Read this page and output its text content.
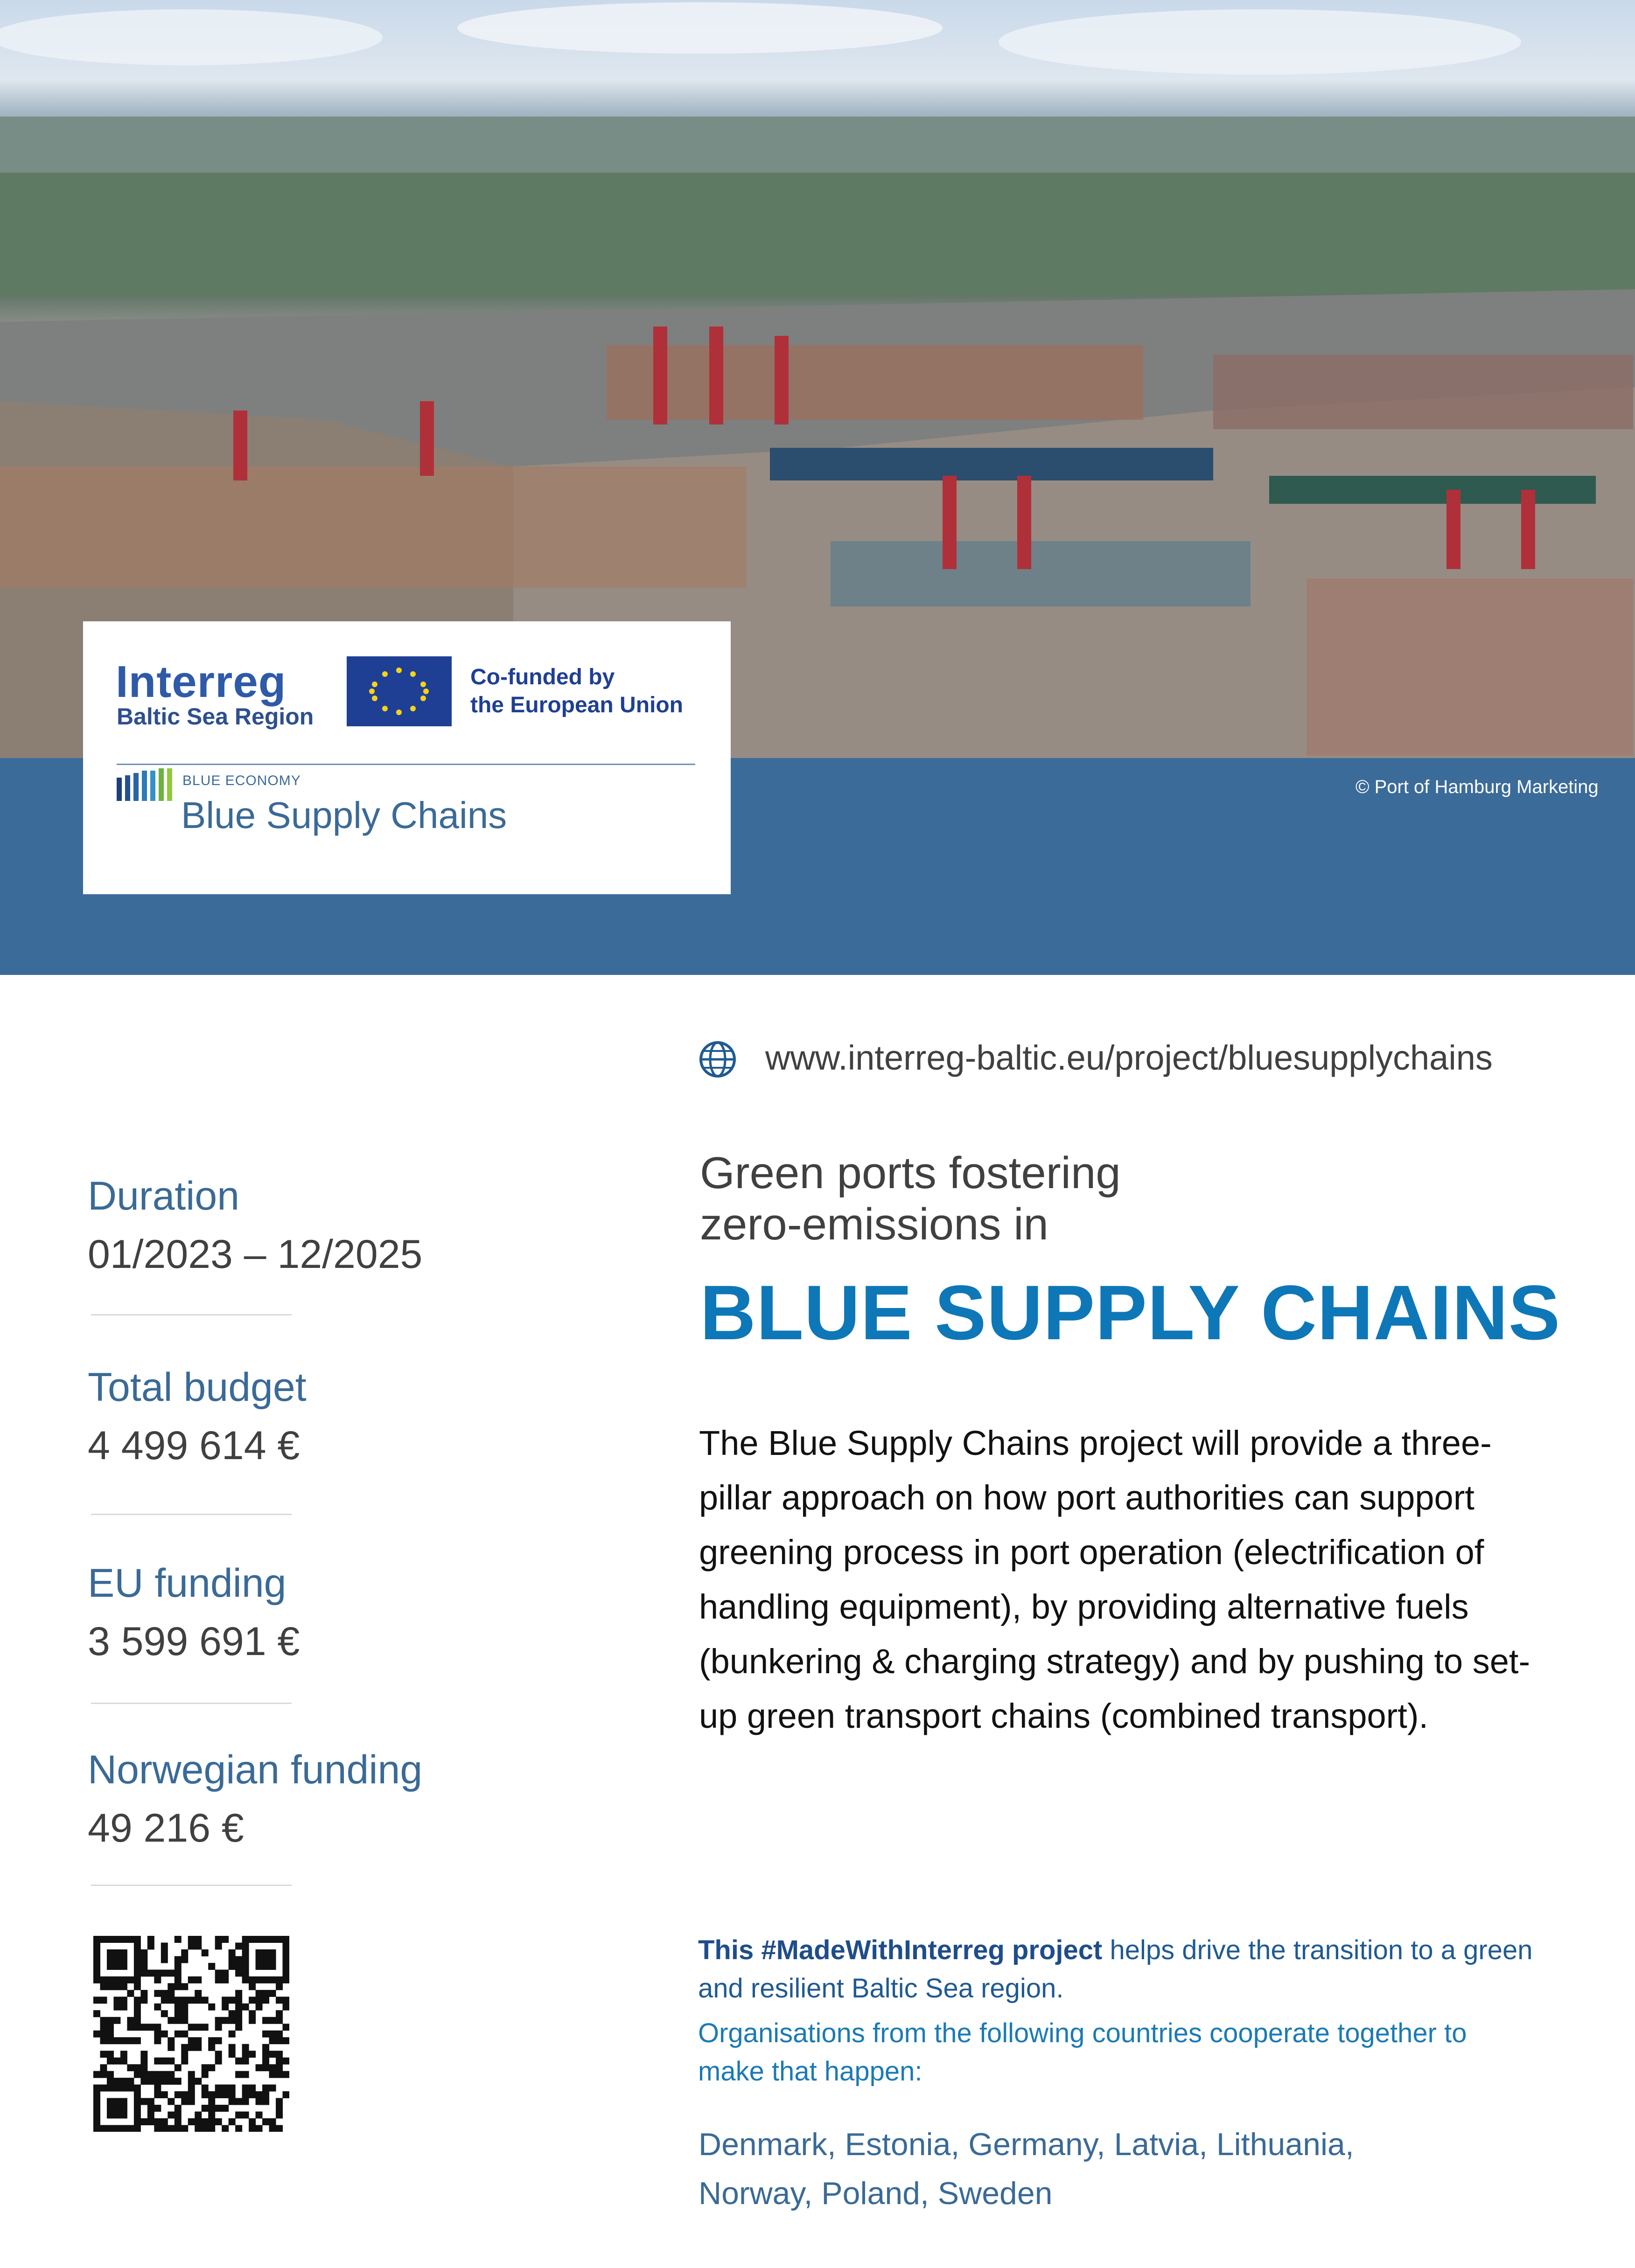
© Port of Hamburg Marketing
Interreg
Baltic Sea Region
Co-funded by
the European Union
BLUE ECONOMY
Blue Supply Chains
www.interreg-baltic.eu/project/bluesupplychains
Duration
01/2023 – 12/2025
Total budget
4 499 614 €
EU funding
3 599 691 €
Norwegian funding
49 216 €
Green ports fostering
zero-emissions in
BLUE SUPPLY CHAINS
The Blue Supply Chains project will provide a three-pillar approach on how port authorities can support greening process in port operation (electrification of handling equipment), by providing alternative fuels (bunkering & charging strategy) and by pushing to set-up green transport chains (combined transport).
This #MadeWithInterreg project helps drive the transition to a green and resilient Baltic Sea region.
Organisations from the following countries cooperate together to make that happen:
Denmark, Estonia, Germany, Latvia, Lithuania, Norway, Poland, Sweden
